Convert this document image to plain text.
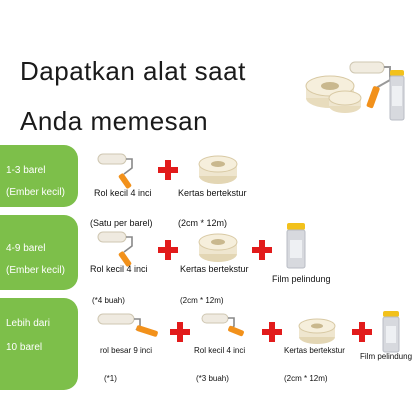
Dapatkan alat saat
Anda memesan
1-3 barel
(Ember kecil)	Rol kecil 4 inci	Kertas bertekstur
4-9 barel
(Ember kecil)
(Satu per barel)	(2cm * 12m)
Rol kecil 4 inci	Kertas bertekstur
Film pelindung
Lebih dari
10 barel
(*4 buah)	(2cm * 12m)
rol besar 9 inci	Rol kecil 4 inci	Kertas bertekstur
Film pelindung
(*1)	(*3 buah)	(2cm * 12m)
